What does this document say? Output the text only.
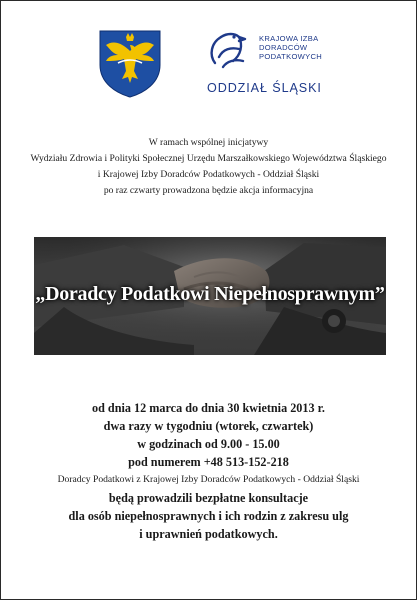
KRAJOWA IZBA
DORADCÓW
PODATKOWYCH
ODDZIAŁ ŚLĄSKI
W ramach wspólnej inicjatywy
Wydziału Zdrowia i Polityki Społecznej Urzędu Marszałkowskiego Województwa Śląskiego
i Krajowej Izby Doradców Podatkowych - Oddział Śląski
po raz czwarty prowadzona będzie akcja informacyjna
„Doradcy Podatkowi Niepełnosprawnym”
od dnia 12 marca do dnia 30 kwietnia 2013 r.
dwa razy w tygodniu (wtorek, czwartek)
w godzinach od 9.00 - 15.00
pod numerem +48 513-152-218
Doradcy Podatkowi z Krajowej Izby Doradców Podatkowych - Oddział Śląski
będą prowadzili bezpłatne konsultacje
dla osób niepełnosprawnych i ich rodzin z zakresu ulg
i uprawnień podatkowych.
